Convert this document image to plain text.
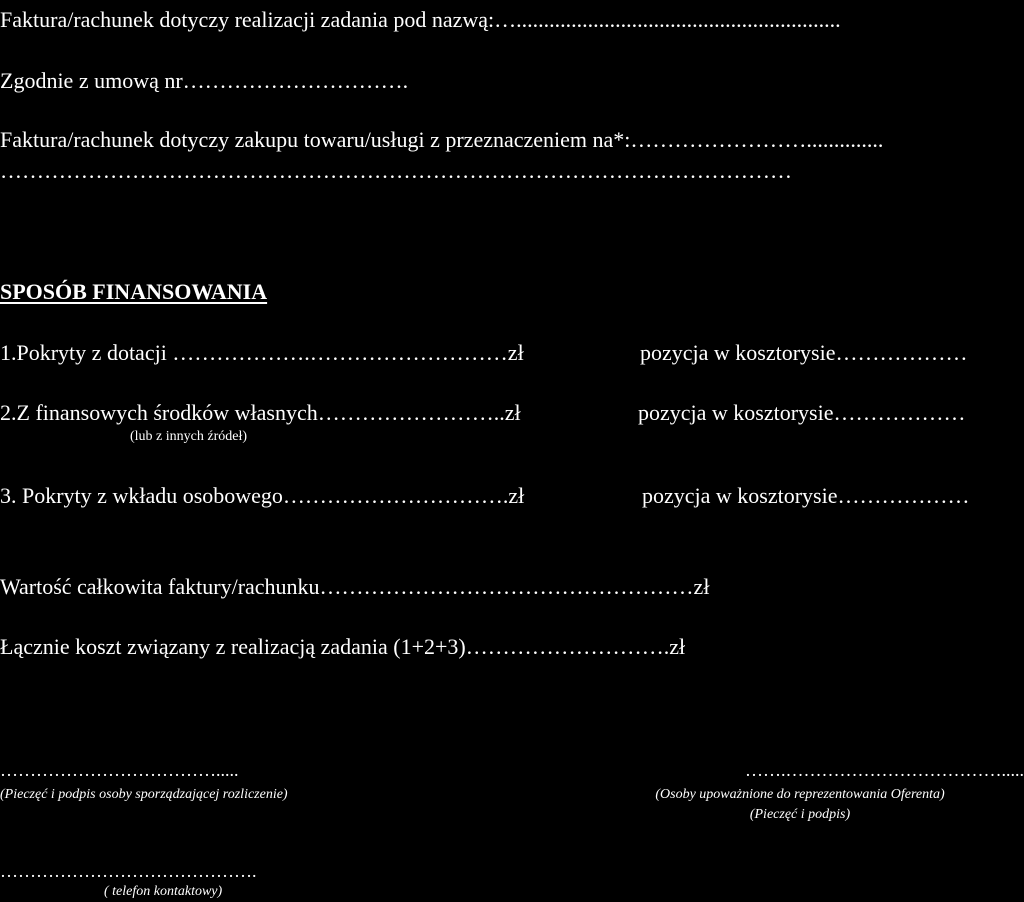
Faktura/rachunek dotyczy realizacji zadania pod nazwą:…...........................................................
Zgodnie z umową nr………………………….
Faktura/rachunek dotyczy zakupu towaru/usługi z przeznaczeniem na*:……………………..............
………………………………………………………………………………………………
SPOSÓB FINANSOWANIA
1.Pokryty z dotacji ……………….………………………zł	pozycja w kosztorysie………………
2.Z finansowych środków własnych……………………..zł	pozycja w kosztorysie………………
(lub z innych źródeł)
3. Pokryty z wkładu osobowego………………………….zł	pozycja w kosztorysie………………
Wartość całkowita faktury/rachunku……………………………………………zł
Łącznie koszt związany z realizacją zadania (1+2+3)……………………….zł
……………………………….....
(Pieczęć i podpis osoby sporządzającej rozliczenie)
…….……………………………….....
(Osoby upoważnione do reprezentowania Oferenta)
(Pieczęć i podpis)
…………………………………….
( telefon kontaktowy)
